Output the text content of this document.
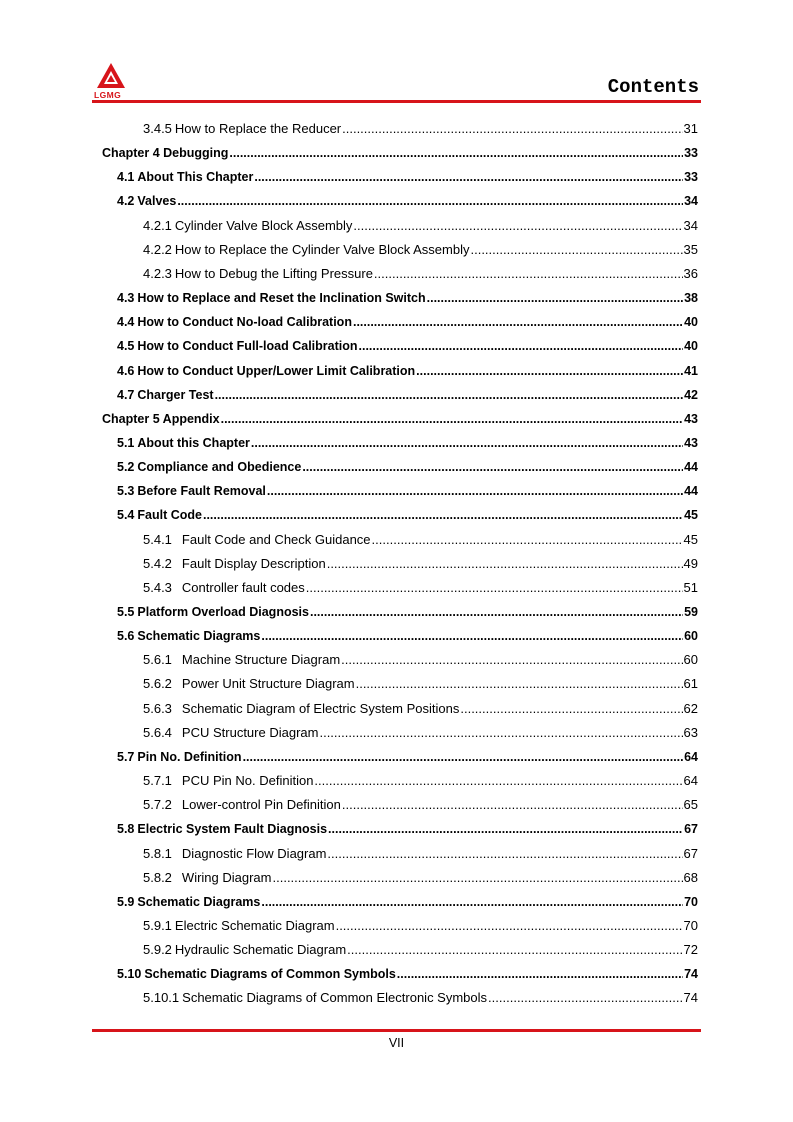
LGMG	Contents
3.4.5 How to Replace the Reducer .....	31
Chapter 4 Debugging .....	33
4.1 About This Chapter .....	33
4.2 Valves .....	34
4.2.1 Cylinder Valve Block Assembly .....	34
4.2.2 How to Replace the Cylinder Valve Block Assembly .....	35
4.2.3 How to Debug the Lifting Pressure .....	36
4.3 How to Replace and Reset the Inclination Switch .....	38
4.4 How to Conduct No-load Calibration .....	40
4.5 How to Conduct Full-load Calibration .....	40
4.6 How to Conduct Upper/Lower Limit Calibration .....	41
4.7 Charger Test .....	42
Chapter 5 Appendix .....	43
5.1 About this Chapter .....	43
5.2 Compliance and Obedience .....	44
5.3 Before Fault Removal .....	44
5.4 Fault Code .....	45
5.4.1 Fault Code and Check Guidance .....	45
5.4.2 Fault Display Description .....	49
5.4.3 Controller fault codes .....	51
5.5 Platform Overload Diagnosis .....	59
5.6 Schematic Diagrams .....	60
5.6.1 Machine Structure Diagram .....	60
5.6.2 Power Unit Structure Diagram .....	61
5.6.3 Schematic Diagram of Electric System Positions .....	62
5.6.4 PCU Structure Diagram .....	63
5.7 Pin No. Definition .....	64
5.7.1 PCU Pin No. Definition .....	64
5.7.2 Lower-control Pin Definition .....	65
5.8 Electric System Fault Diagnosis .....	67
5.8.1 Diagnostic Flow Diagram .....	67
5.8.2 Wiring Diagram .....	68
5.9 Schematic Diagrams .....	70
5.9.1 Electric Schematic Diagram .....	70
5.9.2 Hydraulic Schematic Diagram .....	72
5.10 Schematic Diagrams of Common Symbols .....	74
5.10.1 Schematic Diagrams of Common Electronic Symbols .....	74
VII
